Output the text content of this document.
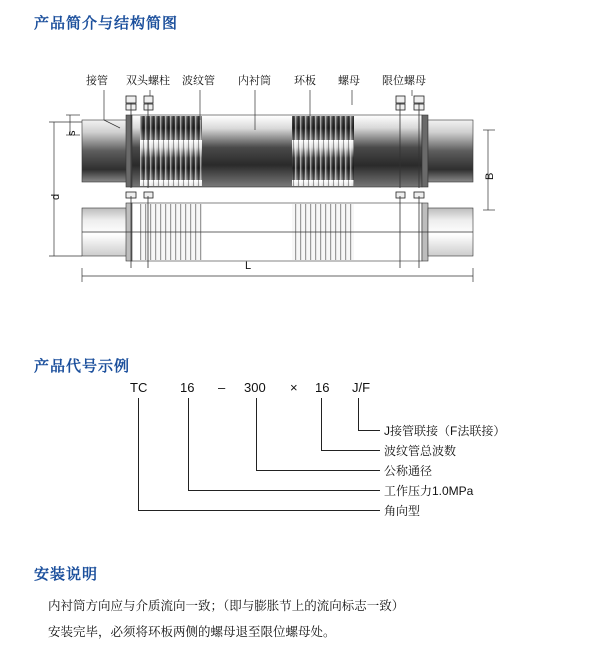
产品简介与结构简图
产品代号示例
安装说明
接管 双头螺柱 波纹管 内衬筒 环板 螺母 限位螺母
s
d
B
L
TC	16 – 300 × 16 J/F
J接管联接（F法联接）
波纹管总波数
公称通径
工作压力1.0MPa
角向型

内衬筒方向应与介质流向一致；（即与膨胀节上的流向标志一致）

安装完毕，必须将环板两侧的螺母退至限位螺母处。
